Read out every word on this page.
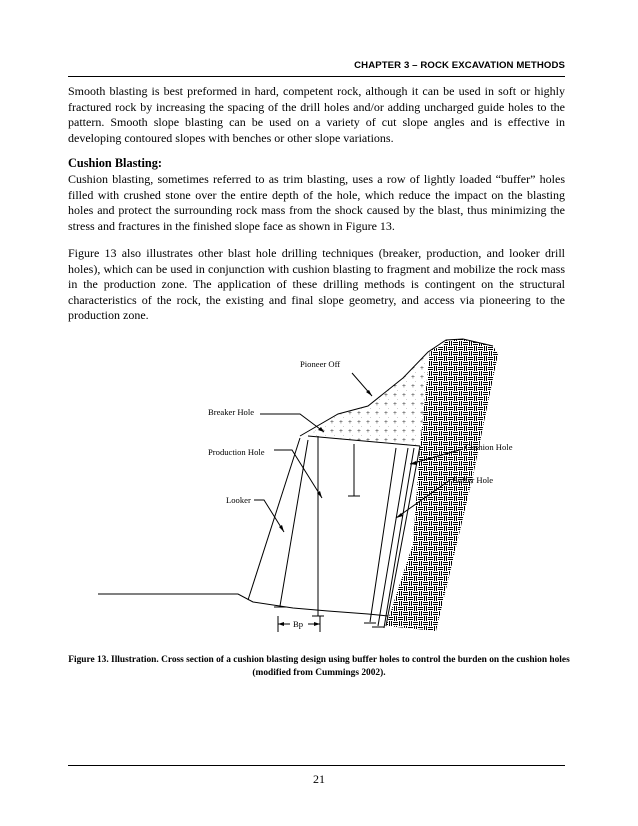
CHAPTER 3 – ROCK EXCAVATION METHODS

Smooth blasting is best preformed in hard, competent rock, although it can be used in soft or highly fractured rock by increasing the spacing of the drill holes and/or adding uncharged guide holes to the pattern. Smooth slope blasting can be used on a variety of cut slope angles and is effective in developing contoured slopes with benches or other slope variations.

Cushion Blasting:

Cushion blasting, sometimes referred to as trim blasting, uses a row of lightly loaded “buffer” holes filled with crushed stone over the entire depth of the hole, which reduce the impact on the blasting holes and protect the surrounding rock mass from the shock caused by the blast, thus minimizing the stress and fractures in the finished slope face as shown in Figure 13.

Figure 13 also illustrates other blast hole drilling techniques (breaker, production, and looker drill holes), which can be used in conjunction with cushion blasting to fragment and mobilize the rock mass in the production zone. The application of these drilling methods is contingent on the structural characteristics of the rock, the existing and final slope geometry, and access via pioneering to the production zone.

Bp
Pioneer Off
Breaker Hole
Production Hole
Looker
Cushion Hole
Buffer Hole

Figure 13. Illustration. Cross section of a cushion blasting design using buffer holes to control the burden on the cushion holes (modified from Cummings 2002).

21
